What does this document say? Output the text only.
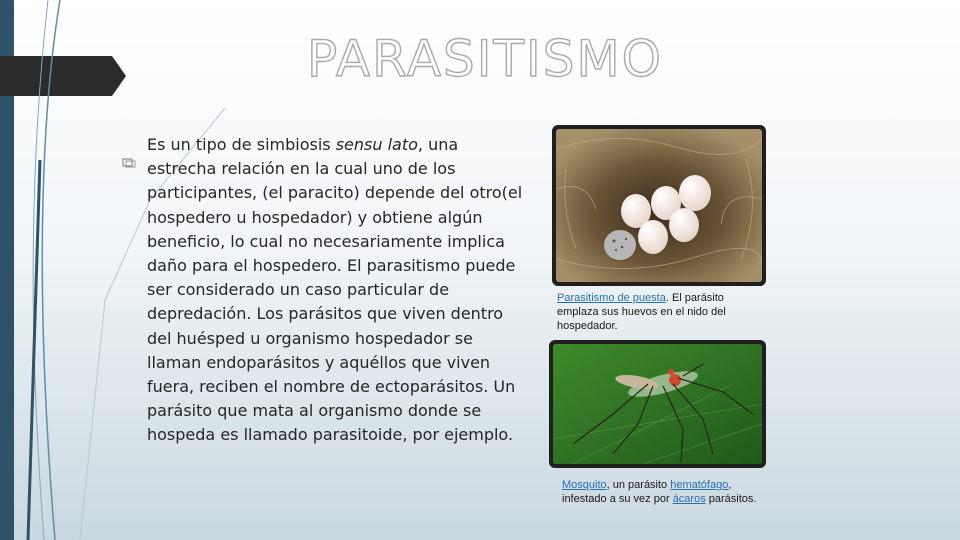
PARASITISMO

Es un tipo de simbiosis sensu lato, una estrecha relación en la cual uno de los participantes, (el paracito) depende del otro(el hospedero u hospedador) y obtiene algún beneficio, lo cual no necesariamente implica daño para el hospedero. El parasitismo puede ser considerado un caso particular de depredación. Los parásitos que viven dentro del huésped u organismo hospedador se llaman endoparásitos y aquéllos que viven fuera, reciben el nombre de ectoparásitos. Un parásito que mata al organismo donde se hospeda es llamado parasitoide, por ejemplo.

Parasitismo de puesta. El parásito emplaza sus huevos en el nido del hospedador.

Mosquito, un parásito hematófago, infestado a su vez por ácaros parásitos.
